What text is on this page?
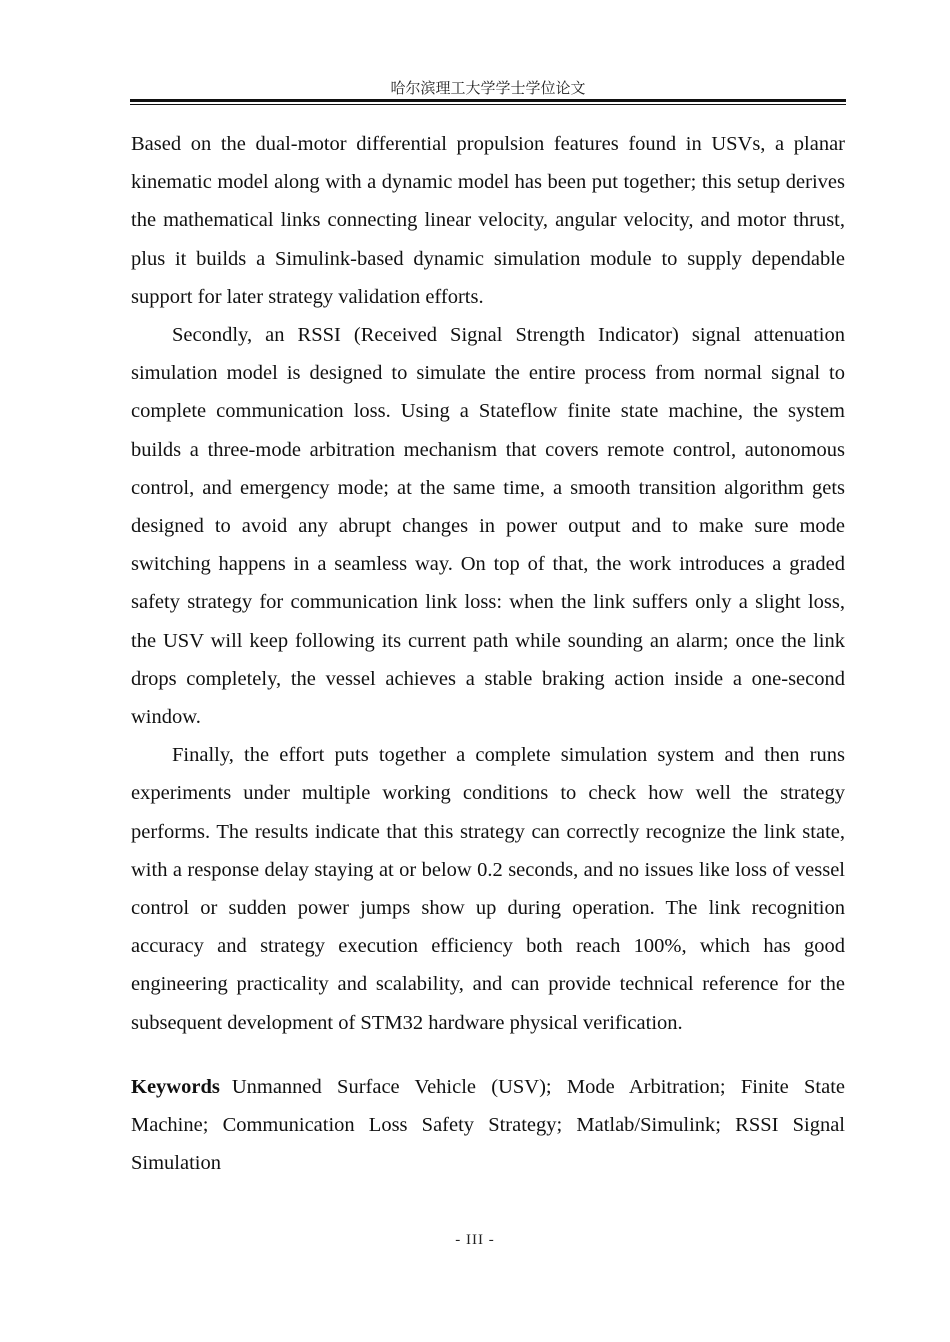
哈尔滨理工大学学士学位论文

Based on the dual-motor differential propulsion features found in USVs, a planar kinematic model along with a dynamic model has been put together; this setup derives the mathematical links connecting linear velocity, angular velocity, and motor thrust, plus it builds a Simulink-based dynamic simulation module to supply dependable support for later strategy validation efforts.

Secondly, an RSSI (Received Signal Strength Indicator) signal attenuation simulation model is designed to simulate the entire process from normal signal to complete communication loss. Using a Stateflow finite state machine, the system builds a three-mode arbitration mechanism that covers remote control, autonomous control, and emergency mode; at the same time, a smooth transition algorithm gets designed to avoid any abrupt changes in power output and to make sure mode switching happens in a seamless way. On top of that, the work introduces a graded safety strategy for communication link loss: when the link suffers only a slight loss, the USV will keep following its current path while sounding an alarm; once the link drops completely, the vessel achieves a stable braking action inside a one-second window.

Finally, the effort puts together a complete simulation system and then runs experiments under multiple working conditions to check how well the strategy performs. The results indicate that this strategy can correctly recognize the link state, with a response delay staying at or below 0.2 seconds, and no issues like loss of vessel control or sudden power jumps show up during operation. The link recognition accuracy and strategy execution efficiency both reach 100%, which has good engineering practicality and scalability, and can provide technical reference for the subsequent development of STM32 hardware physical verification.

Keywords Unmanned Surface Vehicle (USV); Mode Arbitration; Finite State Machine; Communication Loss Safety Strategy; Matlab/Simulink; RSSI Signal Simulation

- III -
